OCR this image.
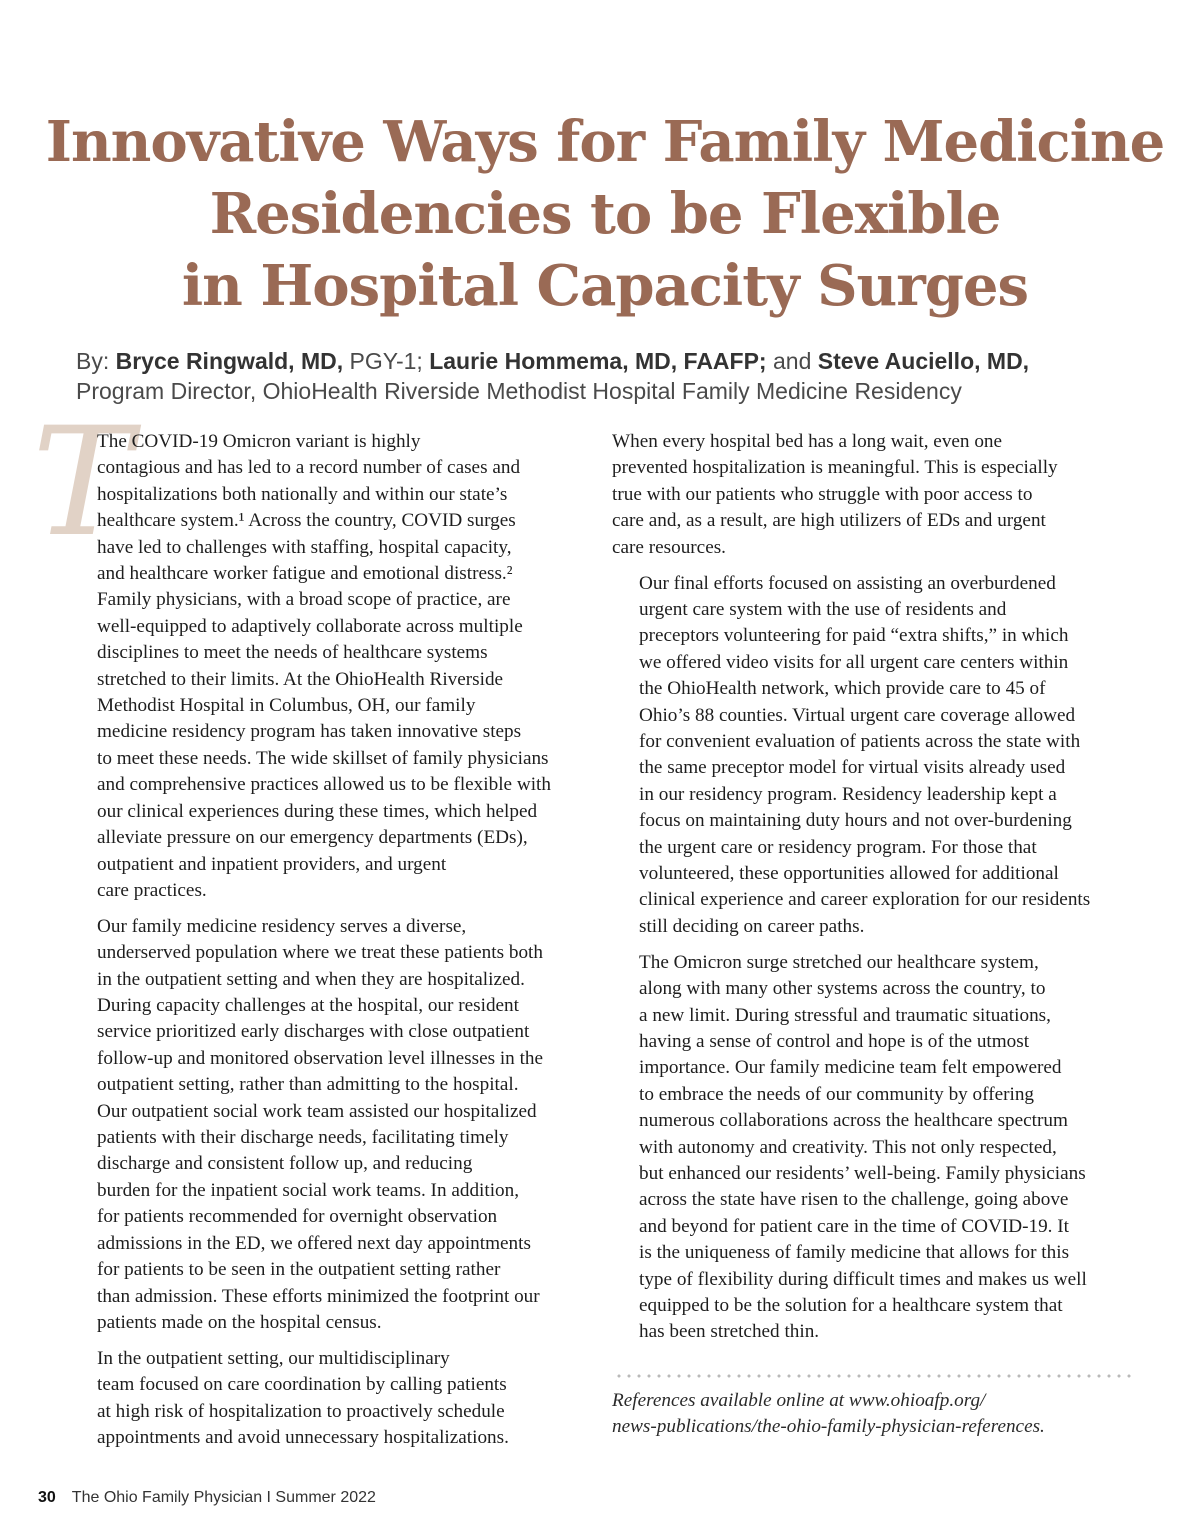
Innovative Ways for Family Medicine
Residencies to be Flexible
in Hospital Capacity Surges
By: Bryce Ringwald, MD, PGY-1; Laurie Hommema, MD, FAAFP; and Steve Auciello, MD,
Program Director, OhioHealth Riverside Methodist Hospital Family Medicine Residency
T

The COVID-19 Omicron variant is highly
contagious and has led to a record number of cases and
hospitalizations both nationally and within our state’s
healthcare system.¹ Across the country, COVID surges
have led to challenges with staffing, hospital capacity,
and healthcare worker fatigue and emotional distress.²
Family physicians, with a broad scope of practice, are
well-equipped to adaptively collaborate across multiple
disciplines to meet the needs of healthcare systems
stretched to their limits. At the OhioHealth Riverside
Methodist Hospital in Columbus, OH, our family
medicine residency program has taken innovative steps
to meet these needs. The wide skillset of family physicians
and comprehensive practices allowed us to be flexible with
our clinical experiences during these times, which helped
alleviate pressure on our emergency departments (EDs),
outpatient and inpatient providers, and urgent
care practices.

Our family medicine residency serves a diverse,
underserved population where we treat these patients both
in the outpatient setting and when they are hospitalized.
During capacity challenges at the hospital, our resident
service prioritized early discharges with close outpatient
follow-up and monitored observation level illnesses in the
outpatient setting, rather than admitting to the hospital.
Our outpatient social work team assisted our hospitalized
patients with their discharge needs, facilitating timely
discharge and consistent follow up, and reducing
burden for the inpatient social work teams. In addition,
for patients recommended for overnight observation
admissions in the ED, we offered next day appointments
for patients to be seen in the outpatient setting rather
than admission. These efforts minimized the footprint our
patients made on the hospital census.

In the outpatient setting, our multidisciplinary
team focused on care coordination by calling patients
at high risk of hospitalization to proactively schedule
appointments and avoid unnecessary hospitalizations.

When every hospital bed has a long wait, even one
prevented hospitalization is meaningful. This is especially
true with our patients who struggle with poor access to
care and, as a result, are high utilizers of EDs and urgent
care resources.

Our final efforts focused on assisting an overburdened
urgent care system with the use of residents and
preceptors volunteering for paid “extra shifts,” in which
we offered video visits for all urgent care centers within
the OhioHealth network, which provide care to 45 of
Ohio’s 88 counties. Virtual urgent care coverage allowed
for convenient evaluation of patients across the state with
the same preceptor model for virtual visits already used
in our residency program. Residency leadership kept a
focus on maintaining duty hours and not over-burdening
the urgent care or residency program. For those that
volunteered, these opportunities allowed for additional
clinical experience and career exploration for our residents
still deciding on career paths.

The Omicron surge stretched our healthcare system,
along with many other systems across the country, to
a new limit. During stressful and traumatic situations,
having a sense of control and hope is of the utmost
importance. Our family medicine team felt empowered
to embrace the needs of our community by offering
numerous collaborations across the healthcare spectrum
with autonomy and creativity. This not only respected,
but enhanced our residents’ well-being. Family physicians
across the state have risen to the challenge, going above
and beyond for patient care in the time of COVID-19. It
is the uniqueness of family medicine that allows for this
type of flexibility during difficult times and makes us well
equipped to be the solution for a healthcare system that
has been stretched thin.

References available online at www.ohioafp.org/
news-publications/the-ohio-family-physician-references.
30 The Ohio Family Physician I Summer 2022
